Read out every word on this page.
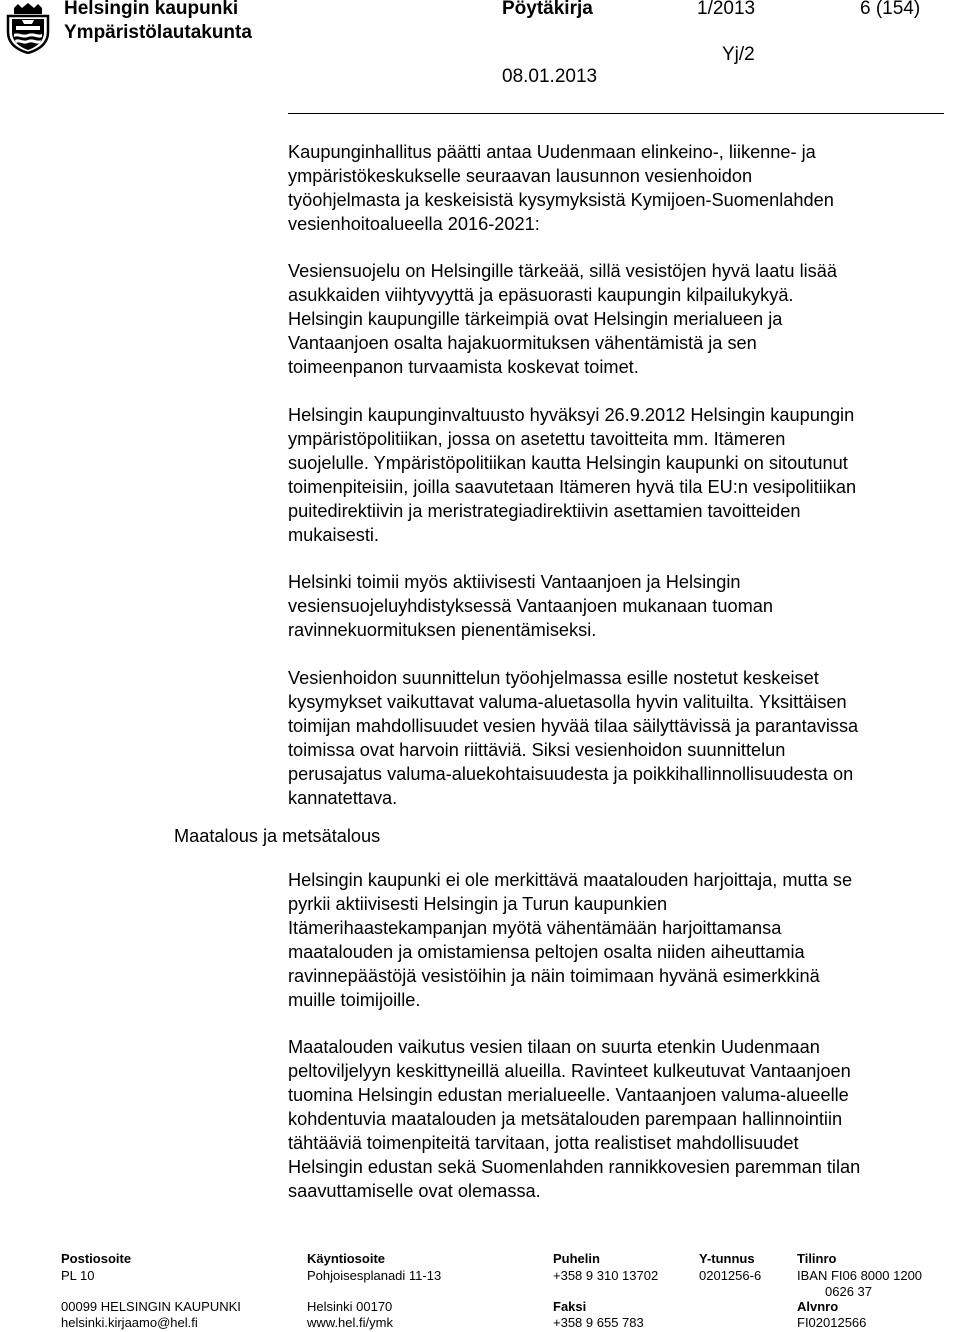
Helsingin kaupunki
Ympäristölautakunta
Pöytäkirja	1/2013	6 (154)
Yj/2
08.01.2013
Kaupunginhallitus päätti antaa Uudenmaan elinkeino-, liikenne- ja
ympäristökeskukselle seuraavan lausunnon vesienhoidon
työohjelmasta ja keskeisistä kysymyksistä Kymijoen-Suomenlahden
vesienhoitoalueella 2016-2021:
Vesiensuojelu on Helsingille tärkeää, sillä vesistöjen hyvä laatu lisää
asukkaiden viihtyvyyttä ja epäsuorasti kaupungin kilpailukykyä.
Helsingin kaupungille tärkeimpiä ovat Helsingin merialueen ja
Vantaanjoen osalta hajakuormituksen vähentämistä ja sen
toimeenpanon turvaamista koskevat toimet.
Helsingin kaupunginvaltuusto hyväksyi 26.9.2012 Helsingin kaupungin
ympäristöpolitiikan, jossa on asetettu tavoitteita mm. Itämeren
suojelulle. Ympäristöpolitiikan kautta Helsingin kaupunki on sitoutunut
toimenpiteisiin, joilla saavutetaan Itämeren hyvä tila EU:n vesipolitiikan
puitedirektiivin ja meristrategiadirektiivin asettamien tavoitteiden
mukaisesti.
Helsinki toimii myös aktiivisesti Vantaanjoen ja Helsingin
vesiensuojeluyhdistyksessä Vantaanjoen mukanaan tuoman
ravinnekuormituksen pienentämiseksi.
Vesienhoidon suunnittelun työohjelmassa esille nostetut keskeiset
kysymykset vaikuttavat valuma-aluetasolla hyvin valituilta. Yksittäisen
toimijan mahdollisuudet vesien hyvää tilaa säilyttävissä ja parantavissa
toimissa ovat harvoin riittäviä. Siksi vesienhoidon suunnittelun
perusajatus valuma-aluekohtaisuudesta ja poikkihallinnollisuudesta on
kannatettava.
Maatalous ja metsätalous
Helsingin kaupunki ei ole merkittävä maatalouden harjoittaja, mutta se
pyrkii aktiivisesti Helsingin ja Turun kaupunkien
Itämerihaastekampanjan myötä vähentämään harjoittamansa
maatalouden ja omistamiensa peltojen osalta niiden aiheuttamia
ravinnepäästöjä vesistöihin ja näin toimimaan hyvänä esimerkkinä
muille toimijoille.
Maatalouden vaikutus vesien tilaan on suurta etenkin Uudenmaan
peltoviljelyyn keskittyneillä alueilla. Ravinteet kulkeutuvat Vantaanjoen
tuomina Helsingin edustan merialueelle. Vantaanjoen valuma-alueelle
kohdentuvia maatalouden ja metsätalouden parempaan hallinnointiin
tähtääviä toimenpiteitä tarvitaan, jotta realistiset mahdollisuudet
Helsingin edustan sekä Suomenlahden rannikkovesien paremman tilan
saavuttamiselle ovat olemassa.
Postiosoite
PL 10
00099 HELSINGIN KAUPUNKI
helsinki.kirjaamo@hel.fi
Käyntiosoite
Pohjoisesplanadi 11-13
Helsinki 00170
www.hel.fi/ymk
Puhelin
+358 9 310 13702
Faksi
+358 9 655 783
Y-tunnus
0201256-6
Tilinro
IBAN FI06 8000 1200
0626 37
Alvnro
FI02012566
